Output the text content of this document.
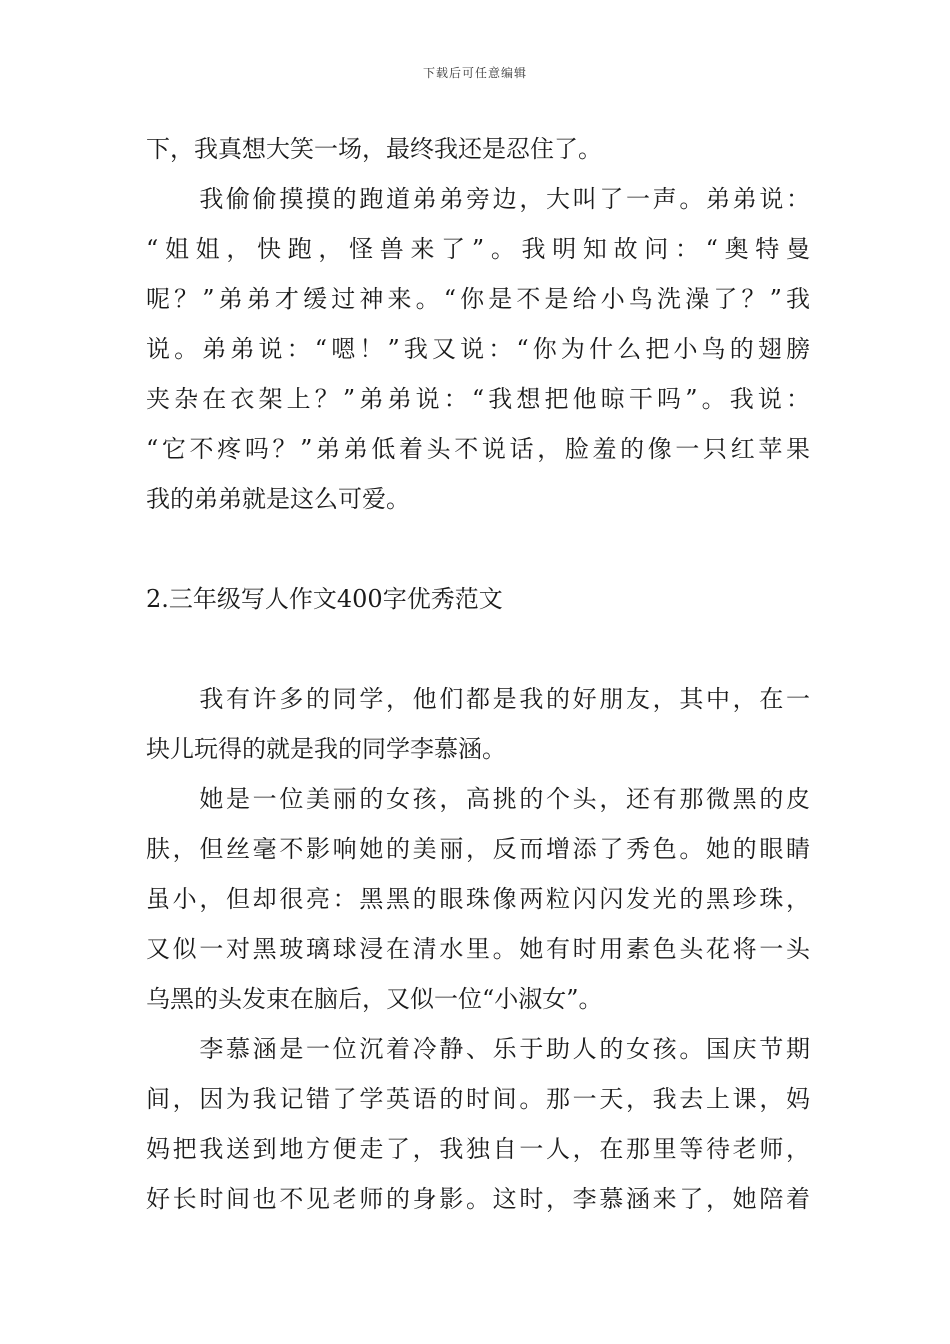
下载后可任意编辑
下，我真想大笑一场，最终我还是忍住了。
　　我偷偷摸摸的跑道弟弟旁边，大叫了一声。弟弟说：
“姐姐，快跑，怪兽来了”。我明知故问：“奥特曼
呢？”弟弟才缓过神来。“你是不是给小鸟洗澡了？”我
说。弟弟说：“嗯！”我又说：“你为什么把小鸟的翅膀
夹杂在衣架上？”弟弟说：“我想把他晾干吗”。我说：
“它不疼吗？”弟弟低着头不说话，脸羞的像一只红苹果
我的弟弟就是这么可爱。
2.三年级写人作文400字优秀范文
　　我有许多的同学，他们都是我的好朋友，其中，在一
块儿玩得的就是我的同学李慕涵。
　　她是一位美丽的女孩，高挑的个头，还有那微黑的皮
肤，但丝毫不影响她的美丽，反而增添了秀色。她的眼睛
虽小，但却很亮：黑黑的眼珠像两粒闪闪发光的黑珍珠，
又似一对黑玻璃球浸在清水里。她有时用素色头花将一头
乌黑的头发束在脑后，又似一位“小淑女”。
　　李慕涵是一位沉着冷静、乐于助人的女孩。国庆节期
间，因为我记错了学英语的时间。那一天，我去上课，妈
妈把我送到地方便走了，我独自一人，在那里等待老师，
好长时间也不见老师的身影。这时，李慕涵来了，她陪着
